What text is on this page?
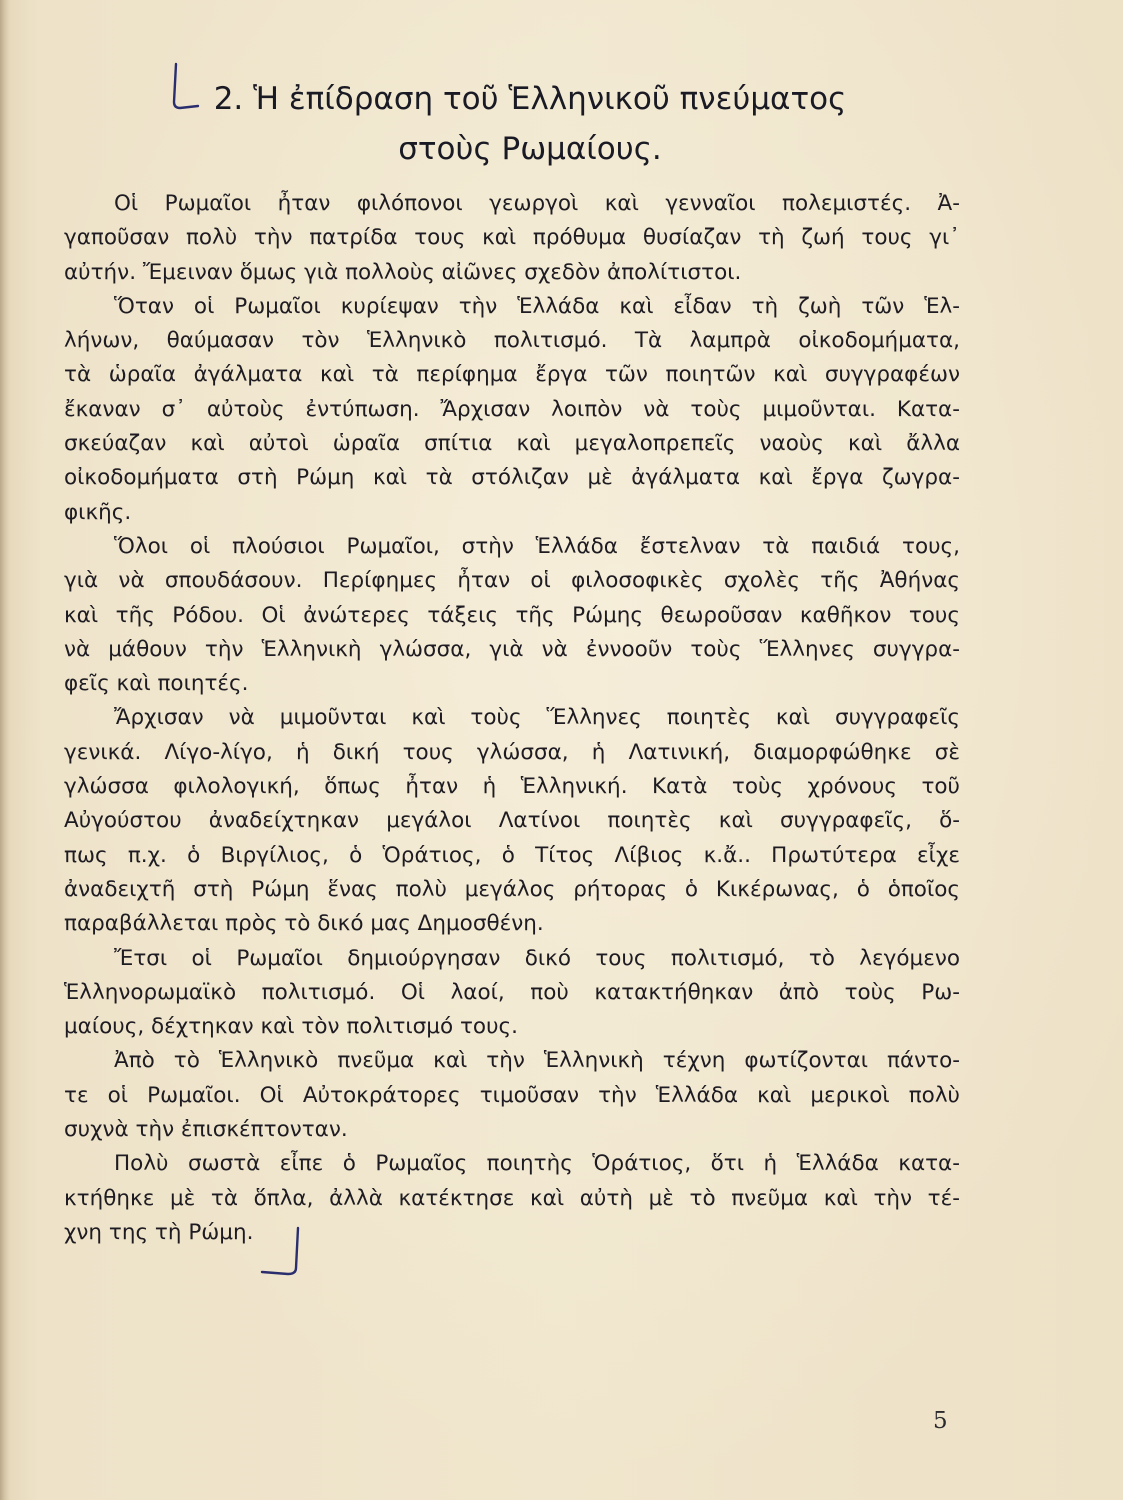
2. Ἡ ἐπίδραση τοῦ Ἑλληνικοῦ πνεύματος
στοὺς Ρωμαίους.

Οἱ Ρωμαῖοι ἦταν φιλόπονοι γεωργοὶ καὶ γενναῖοι πολεμιστές. Ἀ-
γαποῦσαν πολὺ τὴν πατρίδα τους καὶ πρόθυμα θυσίαζαν τὴ ζωή τους γι᾽
αὐτήν. Ἔμειναν ὅμως γιὰ πολλοὺς αἰῶνες σχεδὸν ἀπολίτιστοι.

Ὅταν οἱ Ρωμαῖοι κυρίεψαν τὴν Ἑλλάδα καὶ εἶδαν τὴ ζωὴ τῶν Ἑλ-
λήνων, θαύμασαν τὸν Ἑλληνικὸ πολιτισμό. Τὰ λαμπρὰ οἰκοδομήματα,
τὰ ὡραῖα ἀγάλματα καὶ τὰ περίφημα ἔργα τῶν ποιητῶν καὶ συγγραφέων
ἔκαναν σ᾽ αὐτοὺς ἐντύπωση. Ἄρχισαν λοιπὸν νὰ τοὺς μιμοῦνται. Κατα-
σκεύαζαν καὶ αὐτοὶ ὡραῖα σπίτια καὶ μεγαλοπρεπεῖς ναοὺς καὶ ἄλλα
οἰκοδομήματα στὴ Ρώμη καὶ τὰ στόλιζαν μὲ ἀγάλματα καὶ ἔργα ζωγρα-
φικῆς.

Ὅλοι οἱ πλούσιοι Ρωμαῖοι, στὴν Ἑλλάδα ἔστελναν τὰ παιδιά τους,
γιὰ νὰ σπουδάσουν. Περίφημες ἦταν οἱ φιλοσοφικὲς σχολὲς τῆς Ἀθήνας
καὶ τῆς Ρόδου. Οἱ ἀνώτερες τάξεις τῆς Ρώμης θεωροῦσαν καθῆκον τους
νὰ μάθουν τὴν Ἑλληνικὴ γλώσσα, γιὰ νὰ ἐννοοῦν τοὺς Ἕλληνες συγγρα-
φεῖς καὶ ποιητές.

Ἄρχισαν νὰ μιμοῦνται καὶ τοὺς Ἕλληνες ποιητὲς καὶ συγγραφεῖς
γενικά. Λίγο-λίγο, ἡ δική τους γλώσσα, ἡ Λατινική, διαμορφώθηκε σὲ
γλώσσα φιλολογική, ὅπως ἦταν ἡ Ἑλληνική. Κατὰ τοὺς χρόνους τοῦ
Αὐγούστου ἀναδείχτηκαν μεγάλοι Λατίνοι ποιητὲς καὶ συγγραφεῖς, ὅ-
πως π.χ. ὁ Βιργίλιος, ὁ Ὁράτιος, ὁ Τίτος Λίβιος κ.ἄ.. Πρωτύτερα εἶχε
ἀναδειχτῆ στὴ Ρώμη ἕνας πολὺ μεγάλος ρήτορας ὁ Κικέρωνας, ὁ ὁποῖος
παραβάλλεται πρὸς τὸ δικό μας Δημοσθένη.

Ἔτσι οἱ Ρωμαῖοι δημιούργησαν δικό τους πολιτισμό, τὸ λεγόμενο
Ἑλληνορωμαϊκὸ πολιτισμό. Οἱ λαοί, ποὺ κατακτήθηκαν ἀπὸ τοὺς Ρω-
μαίους, δέχτηκαν καὶ τὸν πολιτισμό τους.

Ἀπὸ τὸ Ἑλληνικὸ πνεῦμα καὶ τὴν Ἑλληνικὴ τέχνη φωτίζονται πάντο-
τε οἱ Ρωμαῖοι. Οἱ Αὐτοκράτορες τιμοῦσαν τὴν Ἑλλάδα καὶ μερικοὶ πολὺ
συχνὰ τὴν ἐπισκέπτονταν.

Πολὺ σωστὰ εἶπε ὁ Ρωμαῖος ποιητὴς Ὁράτιος, ὅτι ἡ Ἑλλάδα κατα-
κτήθηκε μὲ τὰ ὅπλα, ἀλλὰ κατέκτησε καὶ αὐτὴ μὲ τὸ πνεῦμα καὶ τὴν τέ-
χνη της τὴ Ρώμη.

5
